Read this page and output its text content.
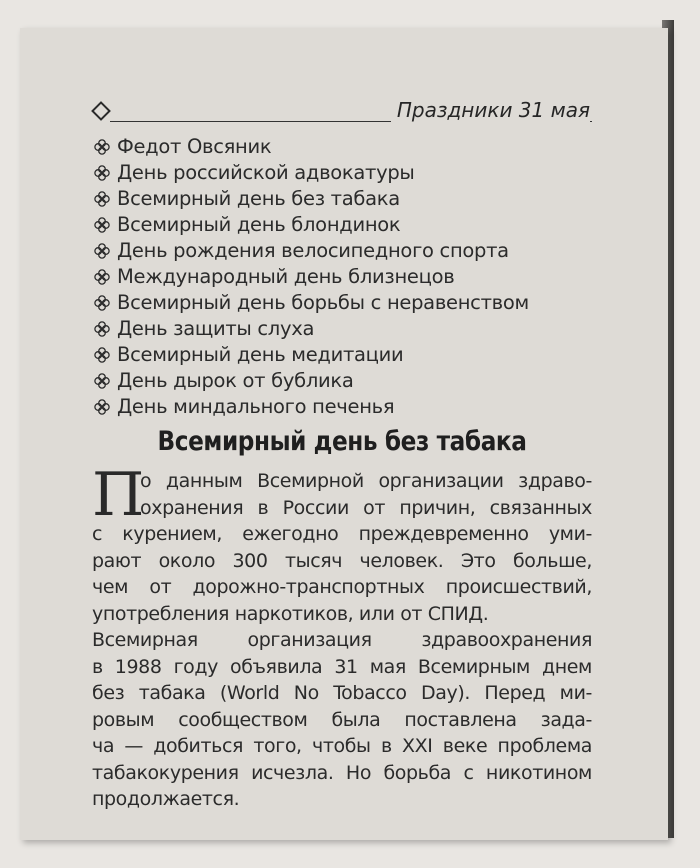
Праздники 31 мая
Федот Овсяник
День российской адвокатуры
Всемирный день без табака
Всемирный день блондинок
День рождения велосипедного спорта
Международный день близнецов
Всемирный день борьбы с неравенством
День защиты слуха
Всемирный день медитации
День дырок от бублика
День миндального печенья
Всемирный день без табака
П
о данным Всемирной организации здраво-
охранения в России от причин, связанных
с курением, ежегодно преждевременно уми-
рают около 300 тысяч человек. Это больше,
чем от дорожно-транспортных происшествий,
употребления наркотиков, или от СПИД.
Всемирная организация здравоохранения
в 1988 году объявила 31 мая Всемирным днем
без табака (World No Tobacco Day). Перед ми-
ровым сообществом была поставлена зада-
ча — добиться того, чтобы в XXI веке проблема
табакокурения исчезла. Но борьба с никотином
продолжается.
